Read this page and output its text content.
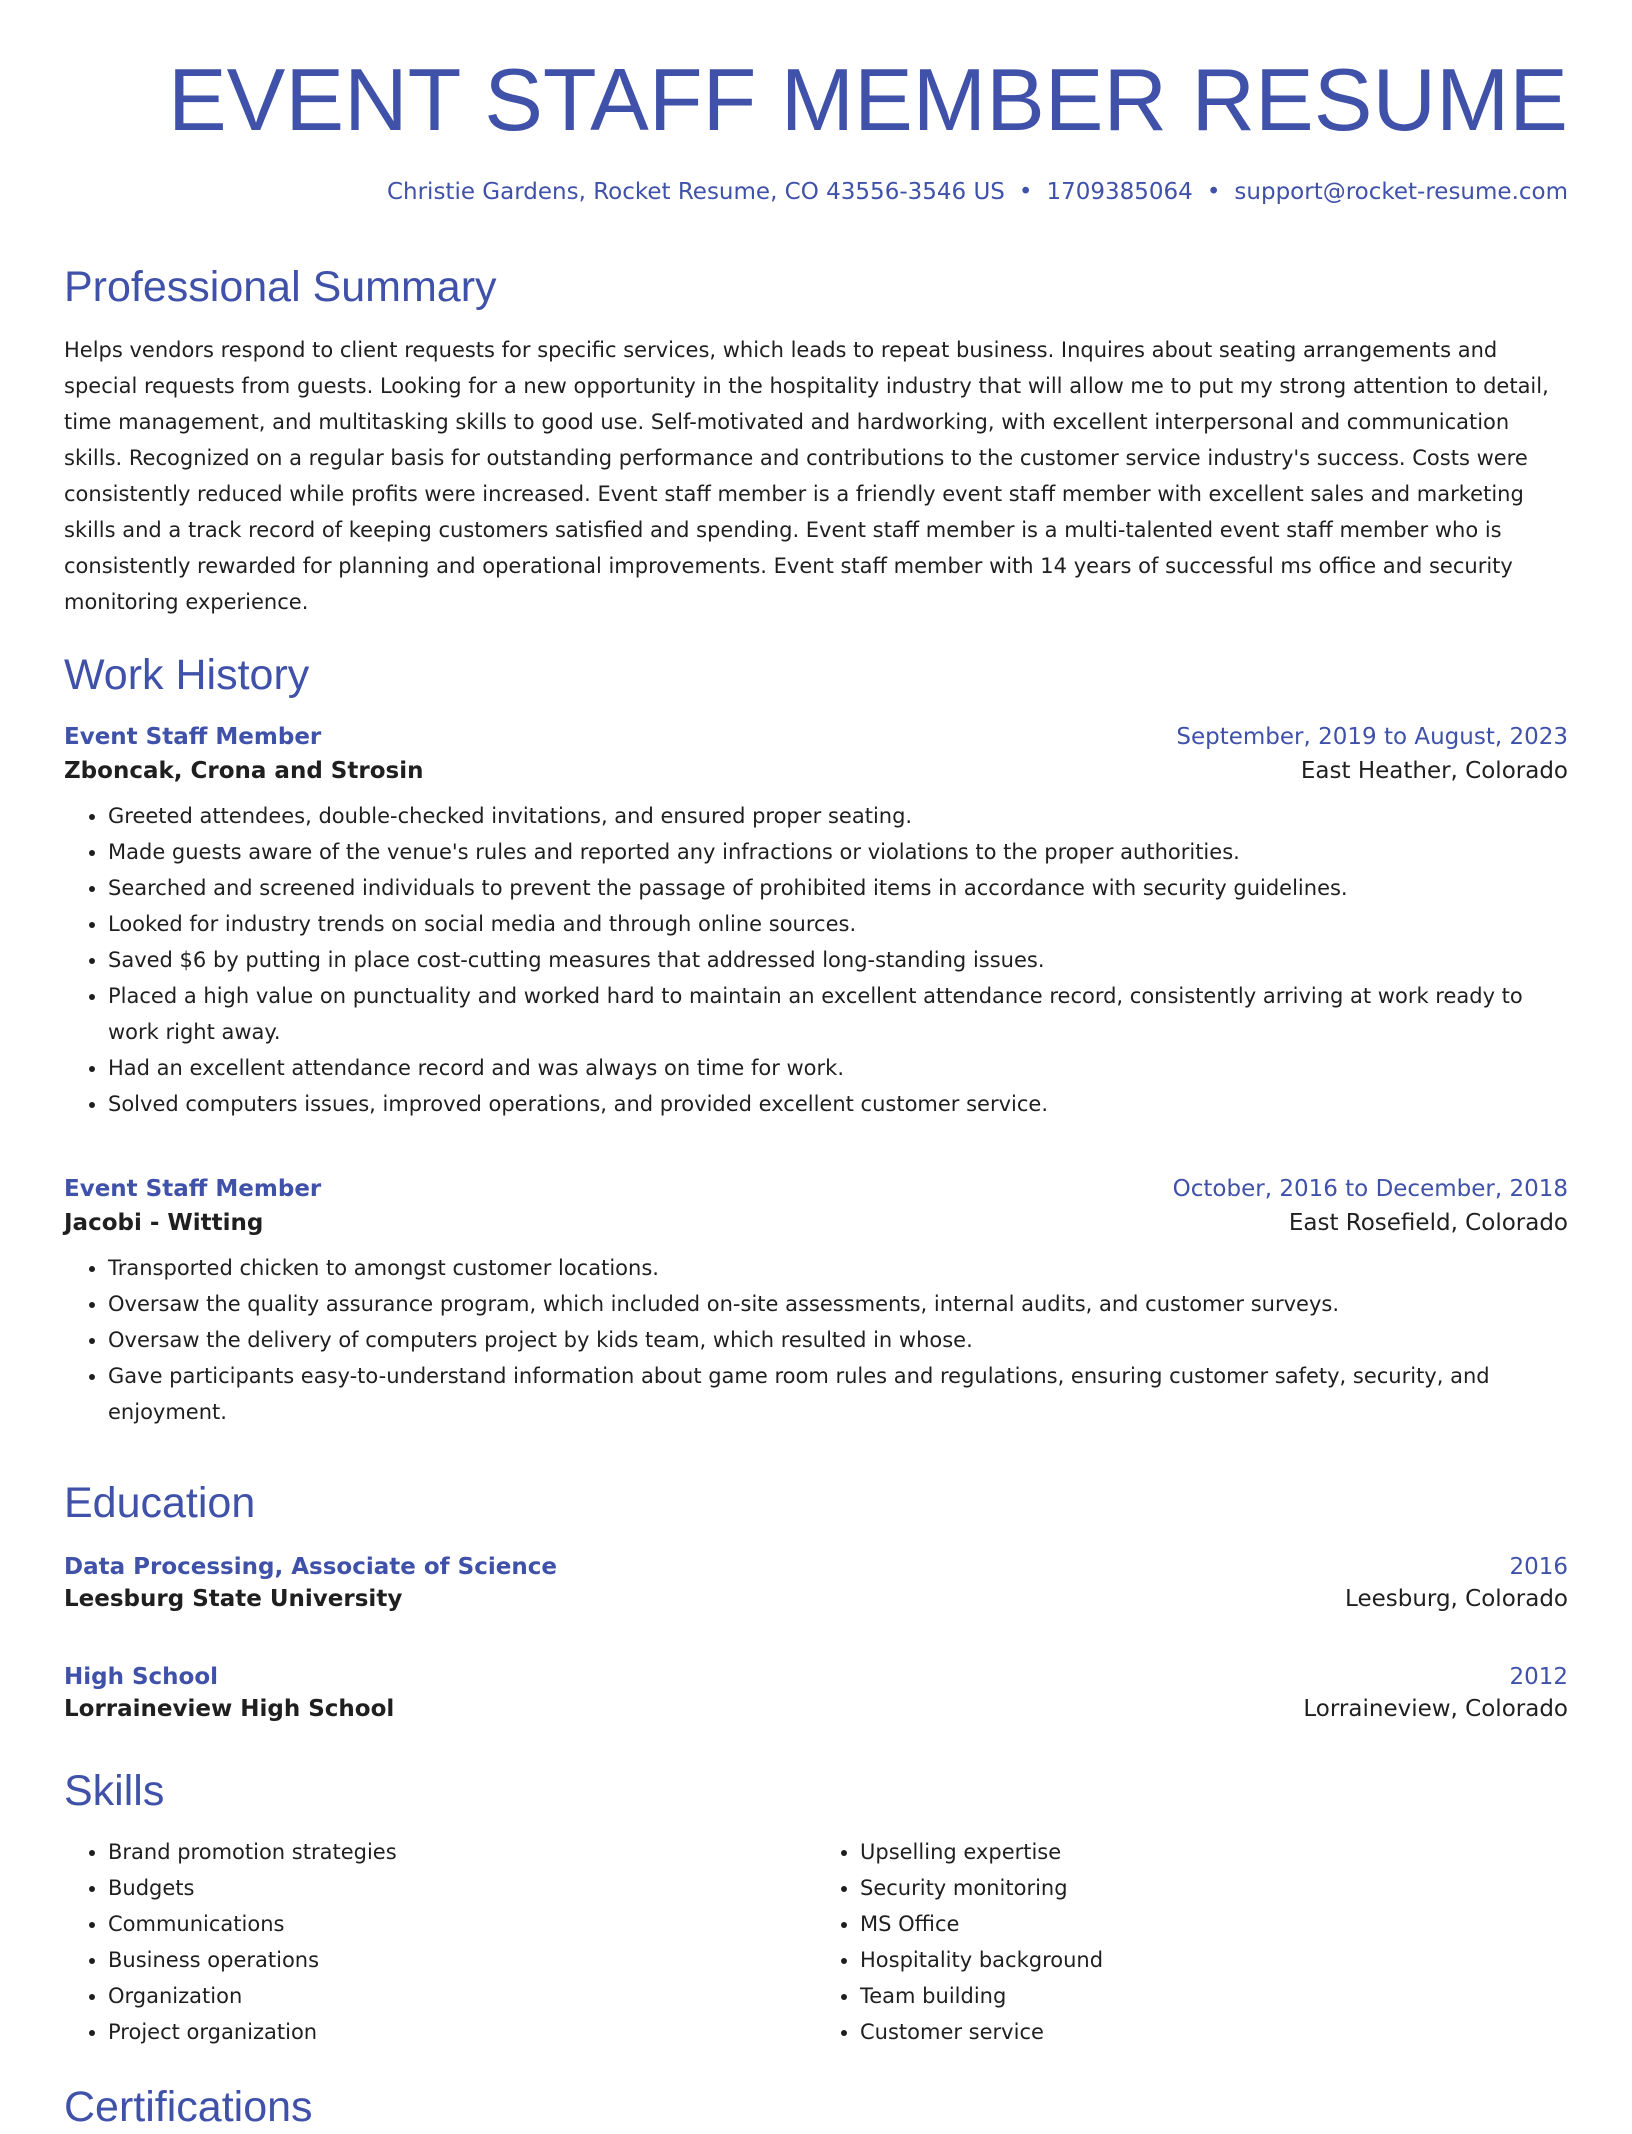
EVENT STAFF MEMBER RESUME
Christie Gardens, Rocket Resume, CO 43556-3546 US • 1709385064 • support@rocket-resume.com
Professional Summary
Helps vendors respond to client requests for specific services, which leads to repeat business. Inquires about seating arrangements and special requests from guests. Looking for a new opportunity in the hospitality industry that will allow me to put my strong attention to detail, time management, and multitasking skills to good use. Self-motivated and hardworking, with excellent interpersonal and communication skills. Recognized on a regular basis for outstanding performance and contributions to the customer service industry's success. Costs were consistently reduced while profits were increased. Event staff member is a friendly event staff member with excellent sales and marketing skills and a track record of keeping customers satisfied and spending. Event staff member is a multi-talented event staff member who is consistently rewarded for planning and operational improvements. Event staff member with 14 years of successful ms office and security monitoring experience.
Work History
Event Staff Member	September, 2019 to August, 2023
Zboncak, Crona and Strosin	East Heather, Colorado
• Greeted attendees, double-checked invitations, and ensured proper seating.
• Made guests aware of the venue's rules and reported any infractions or violations to the proper authorities.
• Searched and screened individuals to prevent the passage of prohibited items in accordance with security guidelines.
• Looked for industry trends on social media and through online sources.
• Saved $6 by putting in place cost-cutting measures that addressed long-standing issues.
• Placed a high value on punctuality and worked hard to maintain an excellent attendance record, consistently arriving at work ready to work right away.
• Had an excellent attendance record and was always on time for work.
• Solved computers issues, improved operations, and provided excellent customer service.
Event Staff Member	October, 2016 to December, 2018
Jacobi - Witting	East Rosefield, Colorado
• Transported chicken to amongst customer locations.
• Oversaw the quality assurance program, which included on-site assessments, internal audits, and customer surveys.
• Oversaw the delivery of computers project by kids team, which resulted in whose.
• Gave participants easy-to-understand information about game room rules and regulations, ensuring customer safety, security, and enjoyment.
Education
Data Processing, Associate of Science	2016
Leesburg State University	Leesburg, Colorado
High School	2012
Lorraineview High School	Lorraineview, Colorado
Skills
• Brand promotion strategies
• Budgets
• Communications
• Business operations
• Organization
• Project organization
• Upselling expertise
• Security monitoring
• MS Office
• Hospitality background
• Team building
• Customer service
Certifications
